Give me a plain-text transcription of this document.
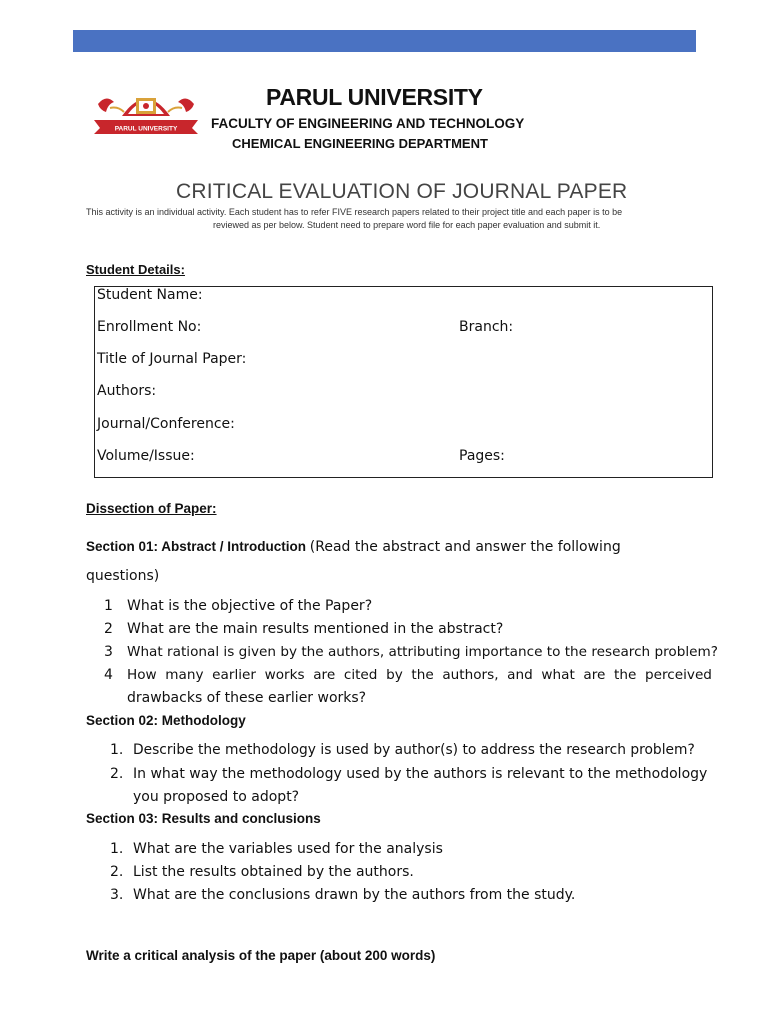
PARUL UNIVERSITY
PARUL UNIVERSITY
FACULTY OF ENGINEERING AND TECHNOLOGY
CHEMICAL ENGINEERING DEPARTMENT
CRITICAL EVALUATION OF JOURNAL PAPER
This activity is an individual activity. Each student has to refer FIVE research papers related to their project title and each paper is to be
reviewed as per below. Student need to prepare word file for each paper evaluation and submit it.
Student Details:
Student Name:
Enrollment No:	Branch:
Title of Journal Paper:
Authors:
Journal/Conference:
Volume/Issue:	Pages:
Dissection of Paper:
Section 01: Abstract / Introduction (Read the abstract and answer the following
questions)
1 What is the objective of the Paper?
2 What are the main results mentioned in the abstract?
3 What rational is given by the authors, attributing importance to the research problem?
4 How  many  earlier  works  are  cited  by  the  authors,  and  what  are  the  perceived
drawbacks of these earlier works?
Section 02: Methodology
1. Describe the methodology is used by author(s) to address the research problem?
2. In what way the methodology used by the authors is relevant to the methodology
you proposed to adopt?
Section 03: Results and conclusions
1. What are the variables used for the analysis
2. List the results obtained by the authors.
3. What are the conclusions drawn by the authors from the study.
Write a critical analysis of the paper (about 200 words)
